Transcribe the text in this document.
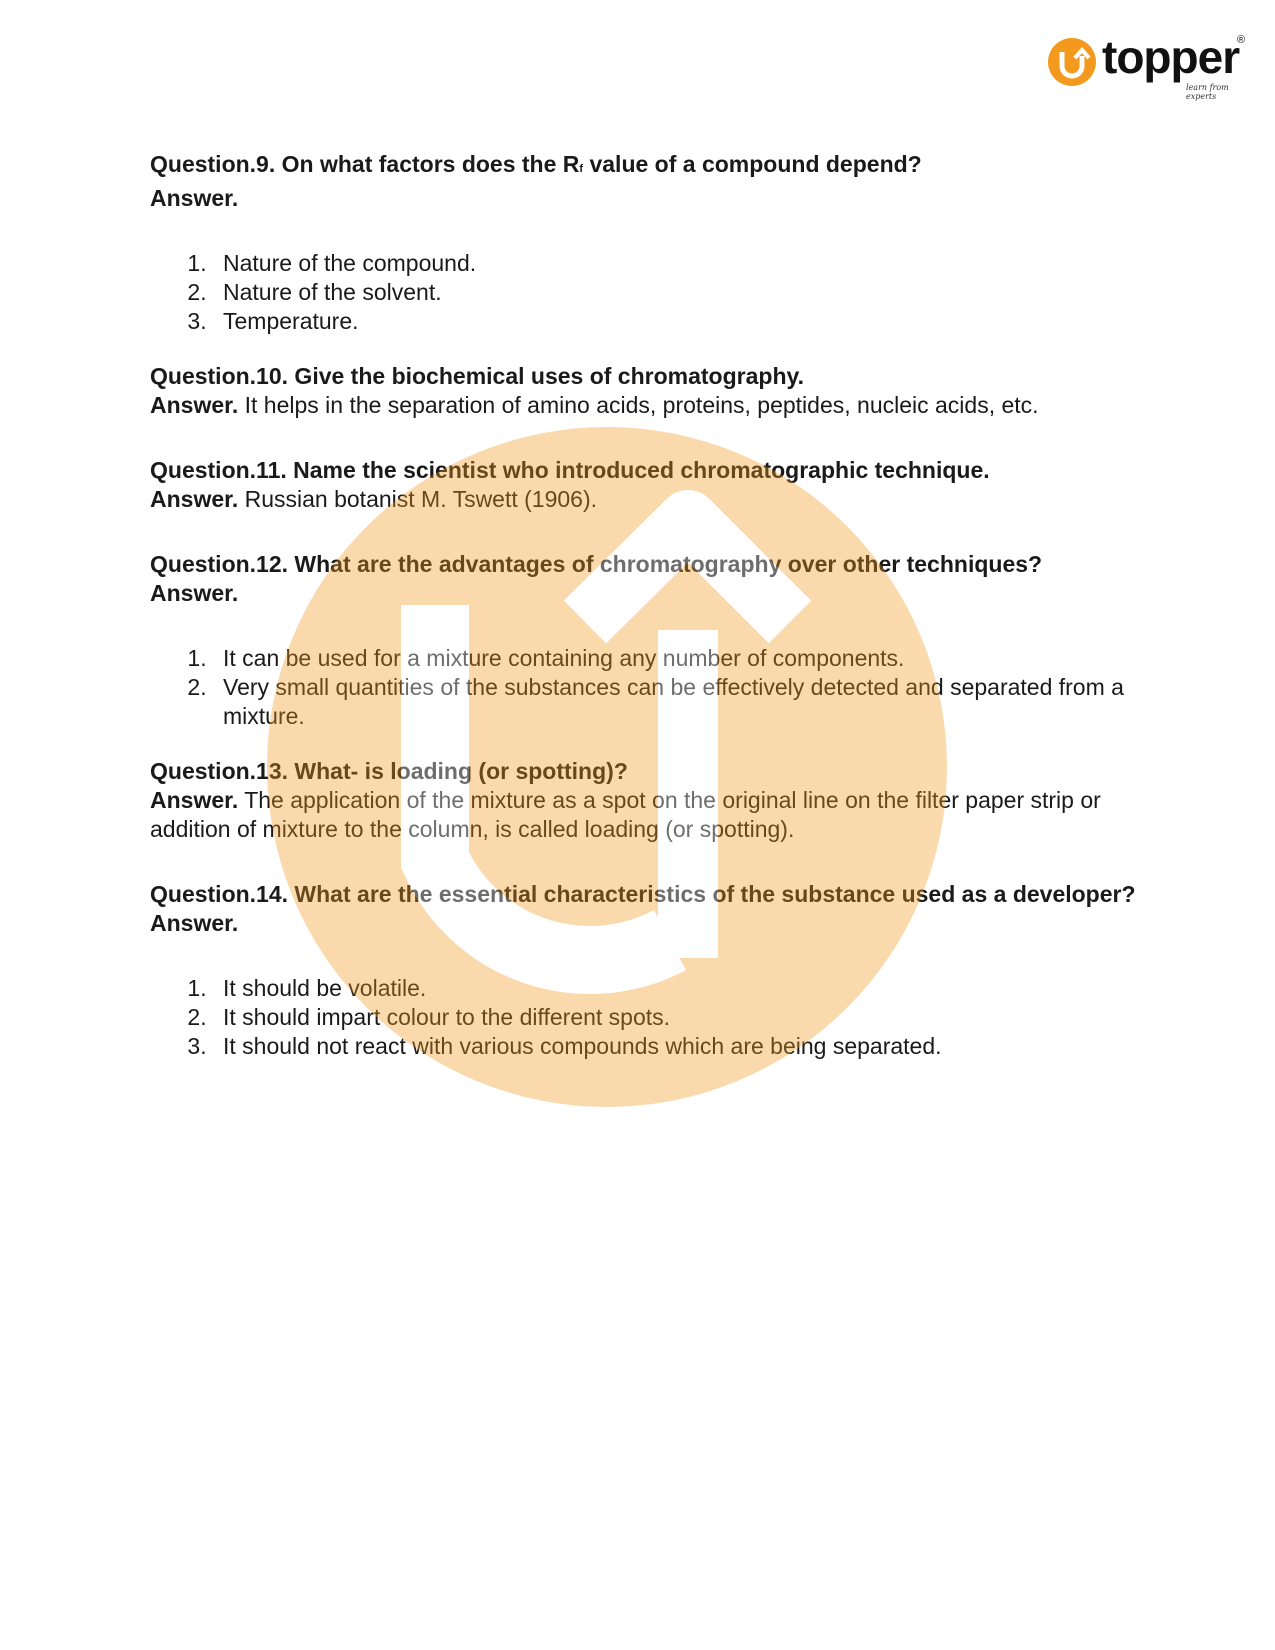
topper
®
learn from experts

Question.9. On what factors does the Rf value of a compound depend?

Answer.

1. Nature of the compound.
2. Nature of the solvent.
3. Temperature.

Question.10. Give the biochemical uses of chromatography.

Answer. It helps in the separation of amino acids, proteins, peptides, nucleic acids, etc.

Question.11. Name the scientist who introduced chromatographic technique.

Answer. Russian botanist M. Tswett (1906).

Question.12. What are the advantages of chromatography over other techniques?

Answer.

1. It can be used for a mixture containing any number of components.
2. Very small quantities of the substances can be effectively detected and separated from a mixture.

Question.13. What- is loading (or spotting)?

Answer. The application of the mixture as a spot on the original line on the filter paper strip or addition of mixture to the column, is called loading (or spotting).

Question.14. What are the essential characteristics of the substance used as a developer?

Answer.

1. It should be volatile.
2. It should impart colour to the different spots.
3. It should not react with various compounds which are being separated.
